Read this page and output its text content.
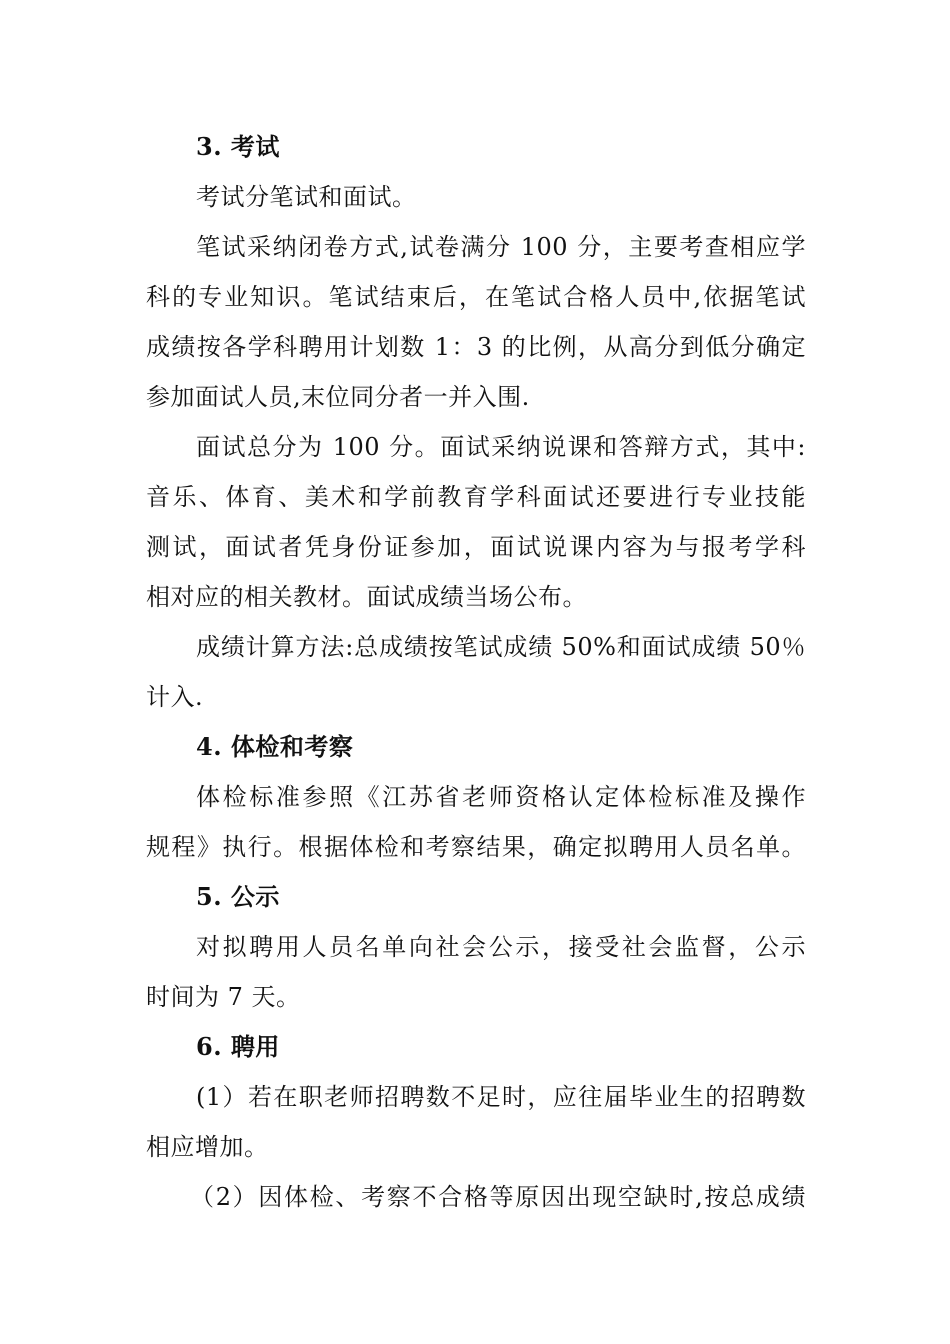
3. 考试
考试分笔试和面试。
笔试采纳闭卷方式,试卷满分 100 分，主要考查相应学
科的专业知识。笔试结束后，在笔试合格人员中,依据笔试
成绩按各学科聘用计划数 1：3 的比例，从高分到低分确定
参加面试人员,末位同分者一并入围.
面试总分为 100 分。面试采纳说课和答辩方式，其中:
音乐、体育、美术和学前教育学科面试还要进行专业技能
测试，面试者凭身份证参加，面试说课内容为与报考学科
相对应的相关教材。面试成绩当场公布。
成绩计算方法:总成绩按笔试成绩 50%和面试成绩 50％
计入.
4. 体检和考察
体检标准参照《江苏省老师资格认定体检标准及操作
规程》执行。根据体检和考察结果，确定拟聘用人员名单。
5. 公示
对拟聘用人员名单向社会公示，接受社会监督，公示
时间为 7 天。
6. 聘用
(1）若在职老师招聘数不足时，应往届毕业生的招聘数
相应增加。
（2）因体检、考察不合格等原因出现空缺时,按总成绩
